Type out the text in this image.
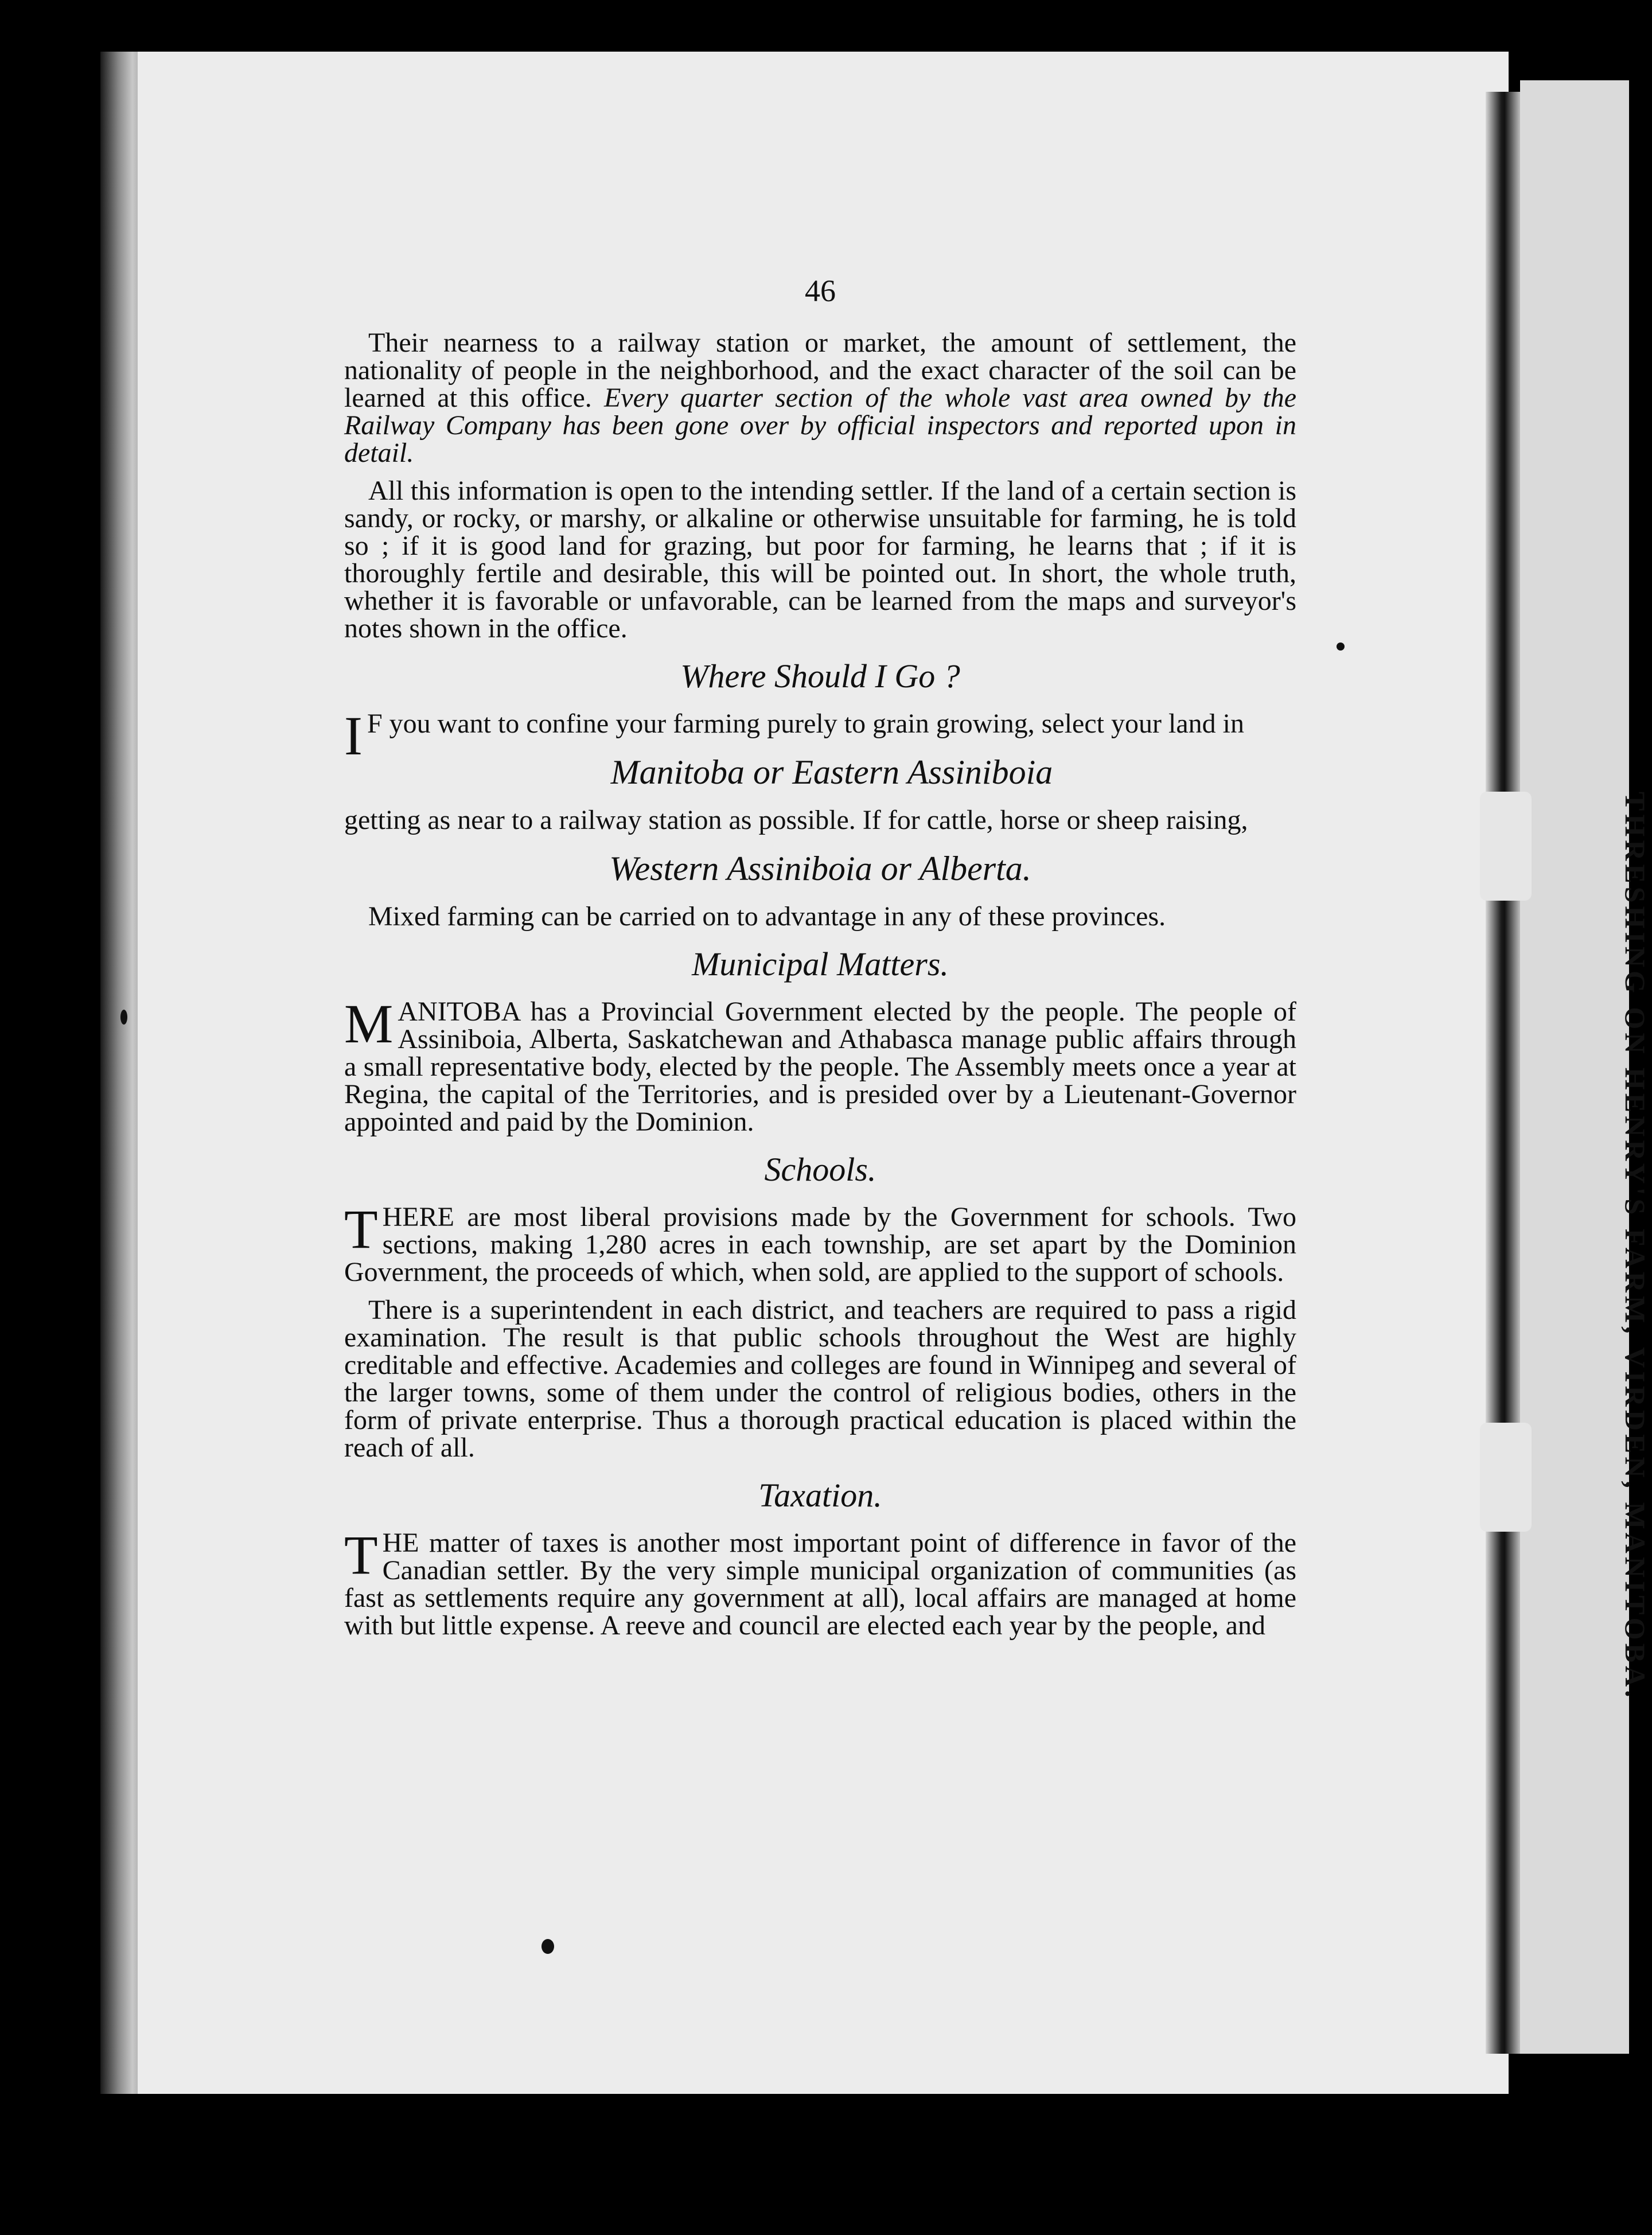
THRESHING ON HENRY'S FARM, VIRDEN, MANITOBA.
46

Their nearness to a railway station or market, the amount of settlement, the nationality of people in the neighborhood, and the exact character of the soil can be learned at this office. Every quarter section of the whole vast area owned by the Railway Company has been gone over by official inspectors and reported upon in detail.

All this information is open to the intending settler. If the land of a certain section is sandy, or rocky, or marshy, or alkaline or otherwise unsuitable for farming, he is told so ; if it is good land for grazing, but poor for farming, he learns that ; if it is thoroughly fertile and desirable, this will be pointed out. In short, the whole truth, whether it is favorable or unfavorable, can be learned from the maps and surveyor's notes shown in the office.

Where Should I Go ?

I F you want to confine your farming purely to grain growing, select your land in

Manitoba or Eastern Assiniboia

getting as near to a railway station as possible. If for cattle, horse or sheep raising,

Western Assiniboia or Alberta.

Mixed farming can be carried on to advantage in any of these provinces.

Municipal Matters.

MANITOBA has a Provincial Government elected by the people. The people of Assiniboia, Alberta, Saskatchewan and Athabasca manage public affairs through a small representative body, elected by the people. The Assembly meets once a year at Regina, the capital of the Territories, and is presided over by a Lieutenant-Governor appointed and paid by the Dominion.

Schools.

THERE are most liberal provisions made by the Government for schools. Two sections, making 1,280 acres in each township, are set apart by the Dominion Government, the proceeds of which, when sold, are applied to the support of schools.

There is a superintendent in each district, and teachers are required to pass a rigid examination. The result is that public schools throughout the West are highly creditable and effective. Academies and colleges are found in Winnipeg and several of the larger towns, some of them under the control of religious bodies, others in the form of private enterprise. Thus a thorough practical education is placed within the reach of all.

Taxation.

THE matter of taxes is another most important point of difference in favor of the Canadian settler. By the very simple municipal organization of communities (as fast as settlements require any government at all), local affairs are managed at home with but little expense. A reeve and council are elected each year by the people, and
